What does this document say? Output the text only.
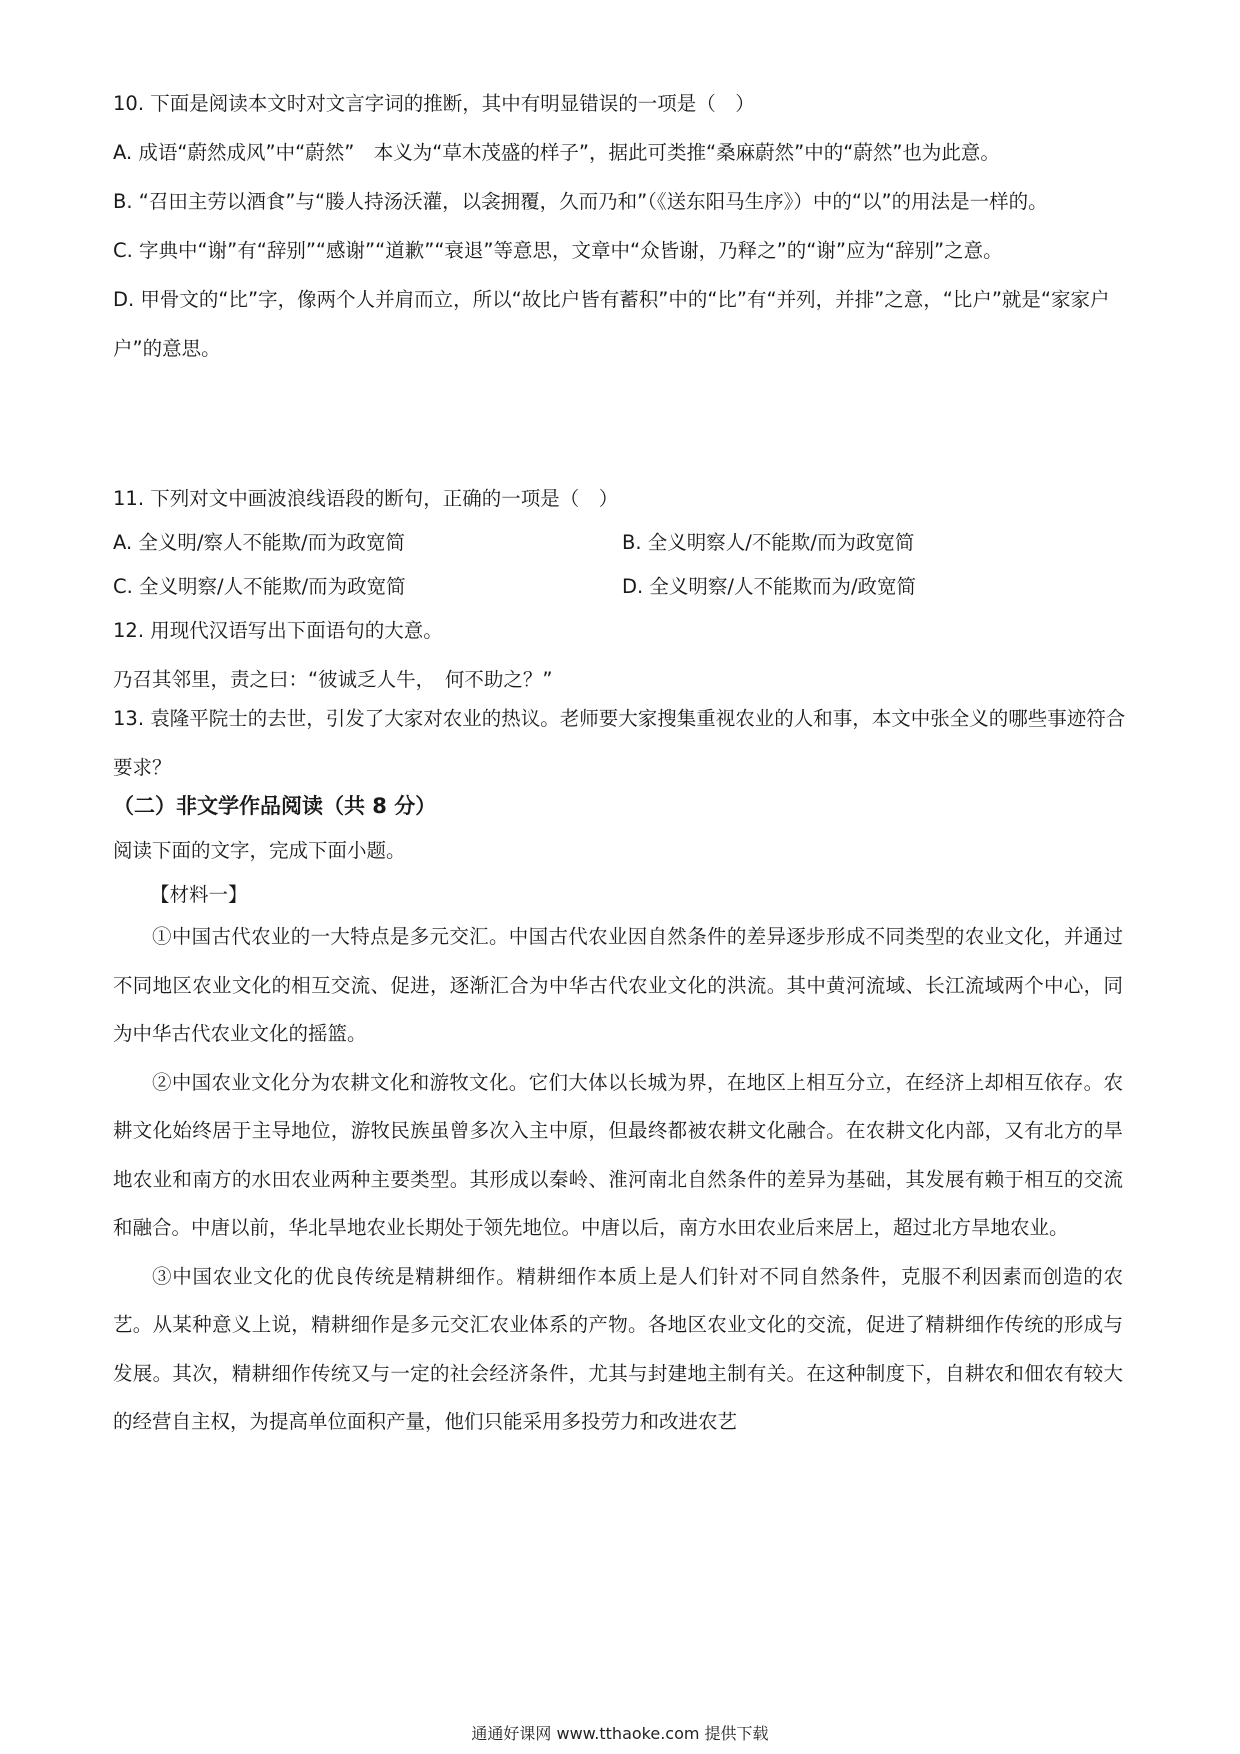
10. 下面是阅读本文时对文言字词的推断，其中有明显错误的一项是（　）

A. 成语“蔚然成风”中“蔚然”　本义为“草木茂盛的样子”，据此可类推“桑麻蔚然”中的“蔚然”也为此意。

B. “召田主劳以酒食”与“媵人持汤沃灌，以衾拥覆，久而乃和”（《送东阳马生序》）中的“以”的用法是一样的。

C. 字典中“谢”有“辞别”“感谢”“道歉”“衰退”等意思，文章中“众皆谢，乃释之”的“谢”应为“辞别”之意。

D. 甲骨文的“比”字，像两个人并肩而立，所以“故比户皆有蓄积”中的“比”有“并列，并排”之意，“比户”就是“家家户户”的意思。

11. 下列对文中画波浪线语段的断句，正确的一项是（　）

A. 全义明/察人不能欺/而为政宽简	B. 全义明察人/不能欺/而为政宽简
C. 全义明察/人不能欺/而为政宽简	D. 全义明察/人不能欺而为/政宽简

12. 用现代汉语写出下面语句的大意。

乃召其邻里，责之曰：“彼诚乏人牛，　何不助之？”

13. 袁隆平院士的去世，引发了大家对农业的热议。老师要大家搜集重视农业的人和事，本文中张全义的哪些事迹符合要求？

（二）非文学作品阅读（共 8 分）

阅读下面的文字，完成下面小题。

【材料一】

①中国古代农业的一大特点是多元交汇。中国古代农业因自然条件的差异逐步形成不同类型的农业文化，并通过不同地区农业文化的相互交流、促进，逐渐汇合为中华古代农业文化的洪流。其中黄河流域、长江流域两个中心，同为中华古代农业文化的摇篮。

②中国农业文化分为农耕文化和游牧文化。它们大体以长城为界，在地区上相互分立，在经济上却相互依存。农耕文化始终居于主导地位，游牧民族虽曾多次入主中原，但最终都被农耕文化融合。在农耕文化内部，又有北方的旱地农业和南方的水田农业两种主要类型。其形成以秦岭、淮河南北自然条件的差异为基础，其发展有赖于相互的交流和融合。中唐以前，华北旱地农业长期处于领先地位。中唐以后，南方水田农业后来居上，超过北方旱地农业。

③中国农业文化的优良传统是精耕细作。精耕细作本质上是人们针对不同自然条件，克服不利因素而创造的农艺。从某种意义上说，精耕细作是多元交汇农业体系的产物。各地区农业文化的交流，促进了精耕细作传统的形成与发展。其次，精耕细作传统又与一定的社会经济条件，尤其与封建地主制有关。在这种制度下，自耕农和佃农有较大的经营自主权，为提高单位面积产量，他们只能采用多投劳力和改进农艺

通通好课网 www.tthaoke.com 提供下载
